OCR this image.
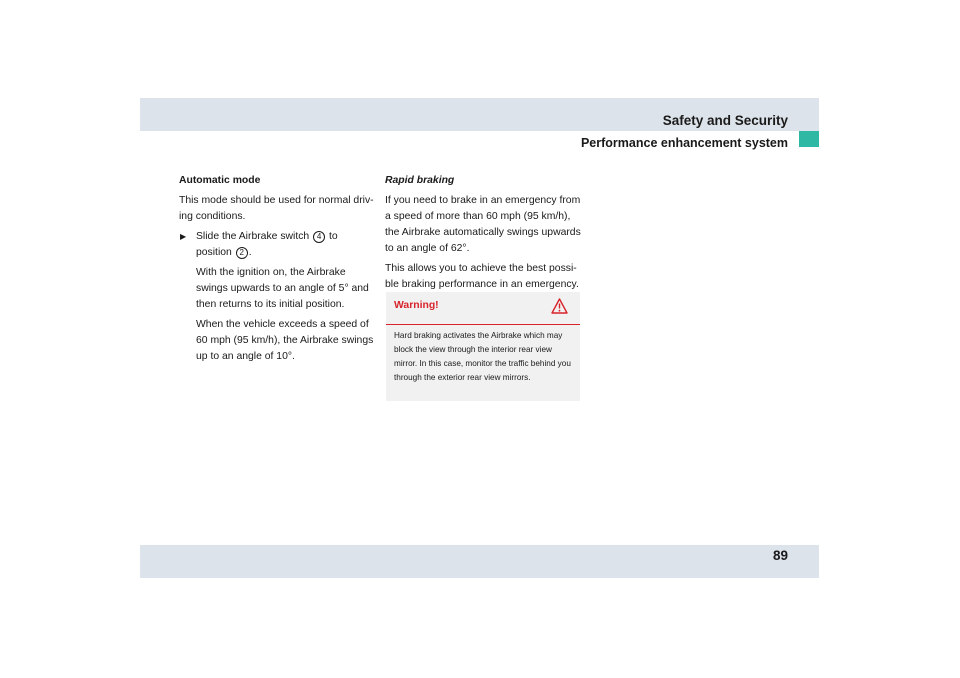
Safety and Security
Performance enhancement system
89

Automatic mode

This mode should be used for normal driv-ing conditions.

▶ Slide the Airbrake switch 4 to position 2 .

With the ignition on, the Airbrake swings upwards to an angle of 5° and then returns to its initial position.

When the vehicle exceeds a speed of 60 mph (95 km/h), the Airbrake swings up to an angle of 10°.

Rapid braking

If you need to brake in an emergency from a speed of more than 60 mph (95 km/h), the Airbrake automatically swings upwards to an angle of 62°.

This allows you to achieve the best possi-ble braking performance in an emergency.

Warning!
Hard braking activates the Airbrake which may block the view through the interior rear view mirror. In this case, monitor the traffic behind you through the exterior rear view mirrors.
